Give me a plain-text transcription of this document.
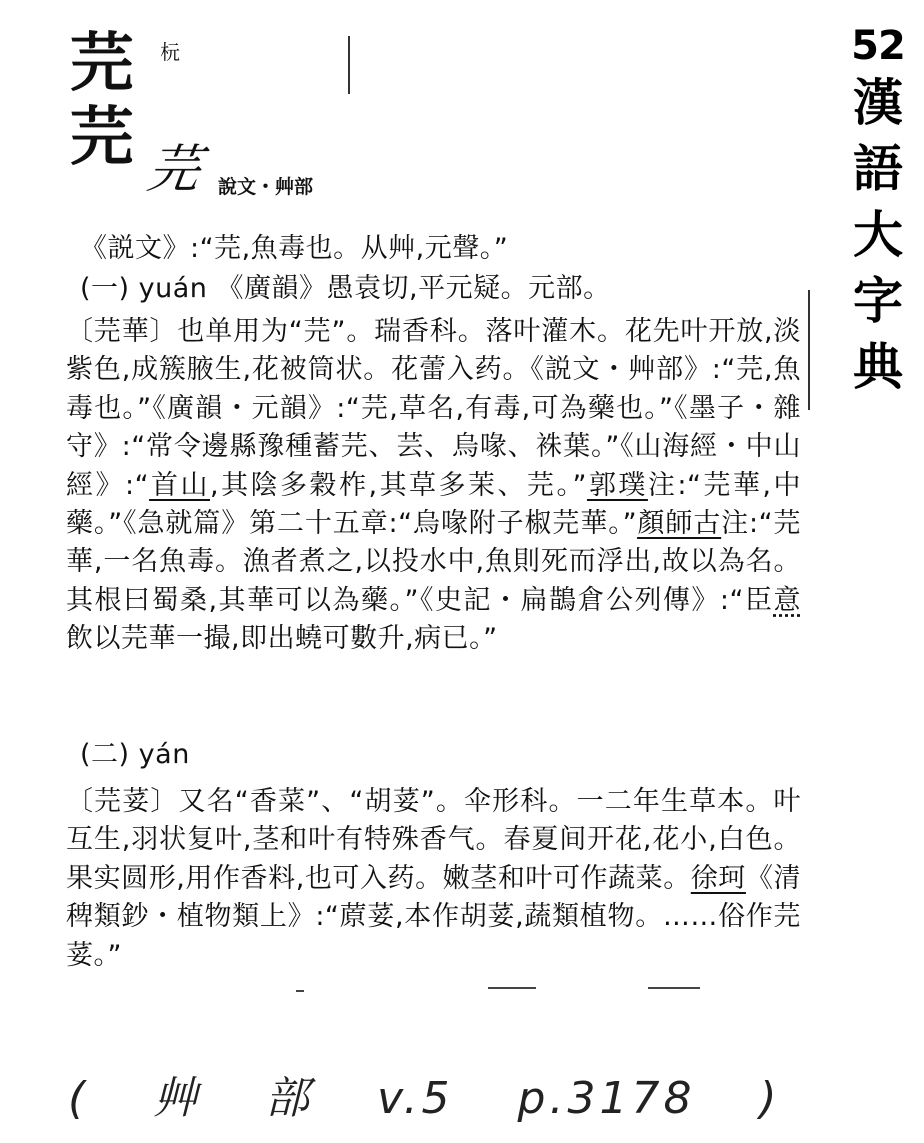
芫
芫
杬
芫 說文・艸部
52
漢
語
大
字
典
《説文》:“芫,魚毒也。从艸,元聲。”
(一) yuán 《廣韻》愚袁切,平元疑。元部。
〔芫華〕也单用为“芫”。瑞香科。落叶灌木。花先叶开放,淡紫色,成簇腋生,花被筒状。花蕾入药。《説文・艸部》:“芫,魚毒也。”《廣韻・元韻》:“芫,草名,有毒,可為藥也。”《墨子・雜守》:“常令邊縣豫種蓄芫、芸、烏喙、袾葉。”《山海經・中山經》:“首山,其陰多穀柞,其草多茉、芫。”郭璞注:“芫華,中藥。”《急就篇》第二十五章:“烏喙附子椒芫華。”顏師古注:“芫華,一名魚毒。漁者煮之,以投水中,魚則死而浮出,故以為名。其根曰蜀桑,其華可以為藥。”《史記・扁鵲倉公列傳》:“臣意飲以芫華一撮,即出蟯可數升,病已。”
(二) yán
〔芫荽〕又名“香菜”、“胡荽”。伞形科。一二年生草本。叶互生,羽状复叶,茎和叶有特殊香气。春夏间开花,花小,白色。果实圆形,用作香料,也可入药。嫩茎和叶可作蔬菜。徐珂《清稗類鈔・植物類上》:“蒝荽,本作胡荽,蔬類植物。……俗作芫荽。”
( 艸 部 v.5 p.3178 )
